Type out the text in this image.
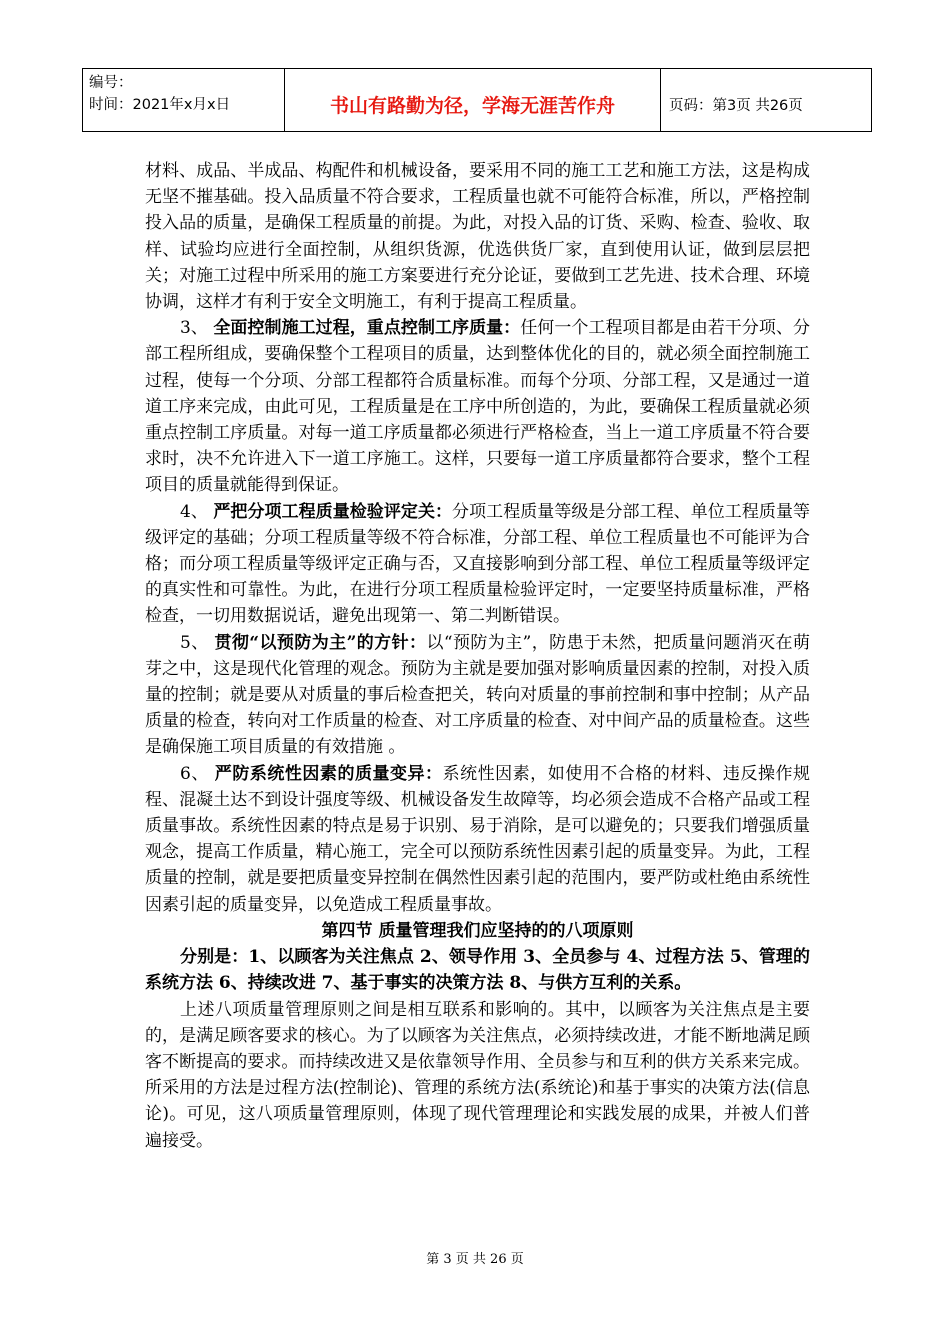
编号：
时间：2021年x月x日	书山有路勤为径，学海无涯苦作舟	页码：第3页 共26页

材料、成品、半成品、构配件和机械设备，要采用不同的施工工艺和施工方法，这是构成无坚不摧基础。投入品质量不符合要求，工程质量也就不可能符合标准，所以，严格控制投入品的质量，是确保工程质量的前提。为此，对投入品的订货、采购、检查、验收、取样、试验均应进行全面控制，从组织货源，优选供货厂家，直到使用认证，做到层层把关；对施工过程中所采用的施工方案要进行充分论证，要做到工艺先进、技术合理、环境协调，这样才有利于安全文明施工，有利于提高工程质量。

3、 全面控制施工过程，重点控制工序质量：任何一个工程项目都是由若干分项、分部工程所组成，要确保整个工程项目的质量，达到整体优化的目的，就必须全面控制施工过程，使每一个分项、分部工程都符合质量标准。而每个分项、分部工程，又是通过一道道工序来完成，由此可见，工程质量是在工序中所创造的，为此，要确保工程质量就必须重点控制工序质量。对每一道工序质量都必须进行严格检查，当上一道工序质量不符合要求时，决不允许进入下一道工序施工。这样，只要每一道工序质量都符合要求，整个工程项目的质量就能得到保证。

4、 严把分项工程质量检验评定关：分项工程质量等级是分部工程、单位工程质量等级评定的基础；分项工程质量等级不符合标准，分部工程、单位工程质量也不可能评为合格；而分项工程质量等级评定正确与否，又直接影响到分部工程、单位工程质量等级评定的真实性和可靠性。为此，在进行分项工程质量检验评定时，一定要坚持质量标准，严格检查，一切用数据说话，避免出现第一、第二判断错误。

5、 贯彻“以预防为主”的方针：以“预防为主”，防患于未然，把质量问题消灭在萌芽之中，这是现代化管理的观念。预防为主就是要加强对影响质量因素的控制，对投入质量的控制；就是要从对质量的事后检查把关，转向对质量的事前控制和事中控制；从产品质量的检查，转向对工作质量的检查、对工序质量的检查、对中间产品的质量检查。这些是确保施工项目质量的有效措施 。

6、 严防系统性因素的质量变异：系统性因素，如使用不合格的材料、违反操作规程、混凝土达不到设计强度等级、机械设备发生故障等，均必须会造成不合格产品或工程质量事故。系统性因素的特点是易于识别、易于消除，是可以避免的；只要我们增强质量观念，提高工作质量，精心施工，完全可以预防系统性因素引起的质量变异。为此，工程质量的控制，就是要把质量变异控制在偶然性因素引起的范围内，要严防或杜绝由系统性因素引起的质量变异，以免造成工程质量事故。

第四节 质量管理我们应坚持的的八项原则

分别是：1、以顾客为关注焦点 2、领导作用 3、全员参与 4、过程方法 5、管理的系统方法 6、持续改进 7、基于事实的决策方法 8、与供方互利的关系。

上述八项质量管理原则之间是相互联系和影响的。其中，以顾客为关注焦点是主要的，是满足顾客要求的核心。为了以顾客为关注焦点，必须持续改进，才能不断地满足顾客不断提高的要求。而持续改进又是依靠领导作用、全员参与和互利的供方关系来完成。所采用的方法是过程方法(控制论)、管理的系统方法(系统论)和基于事实的决策方法(信息论)。可见，这八项质量管理原则，体现了现代管理理论和实践发展的成果，并被人们普遍接受。

第 3 页 共 26 页
